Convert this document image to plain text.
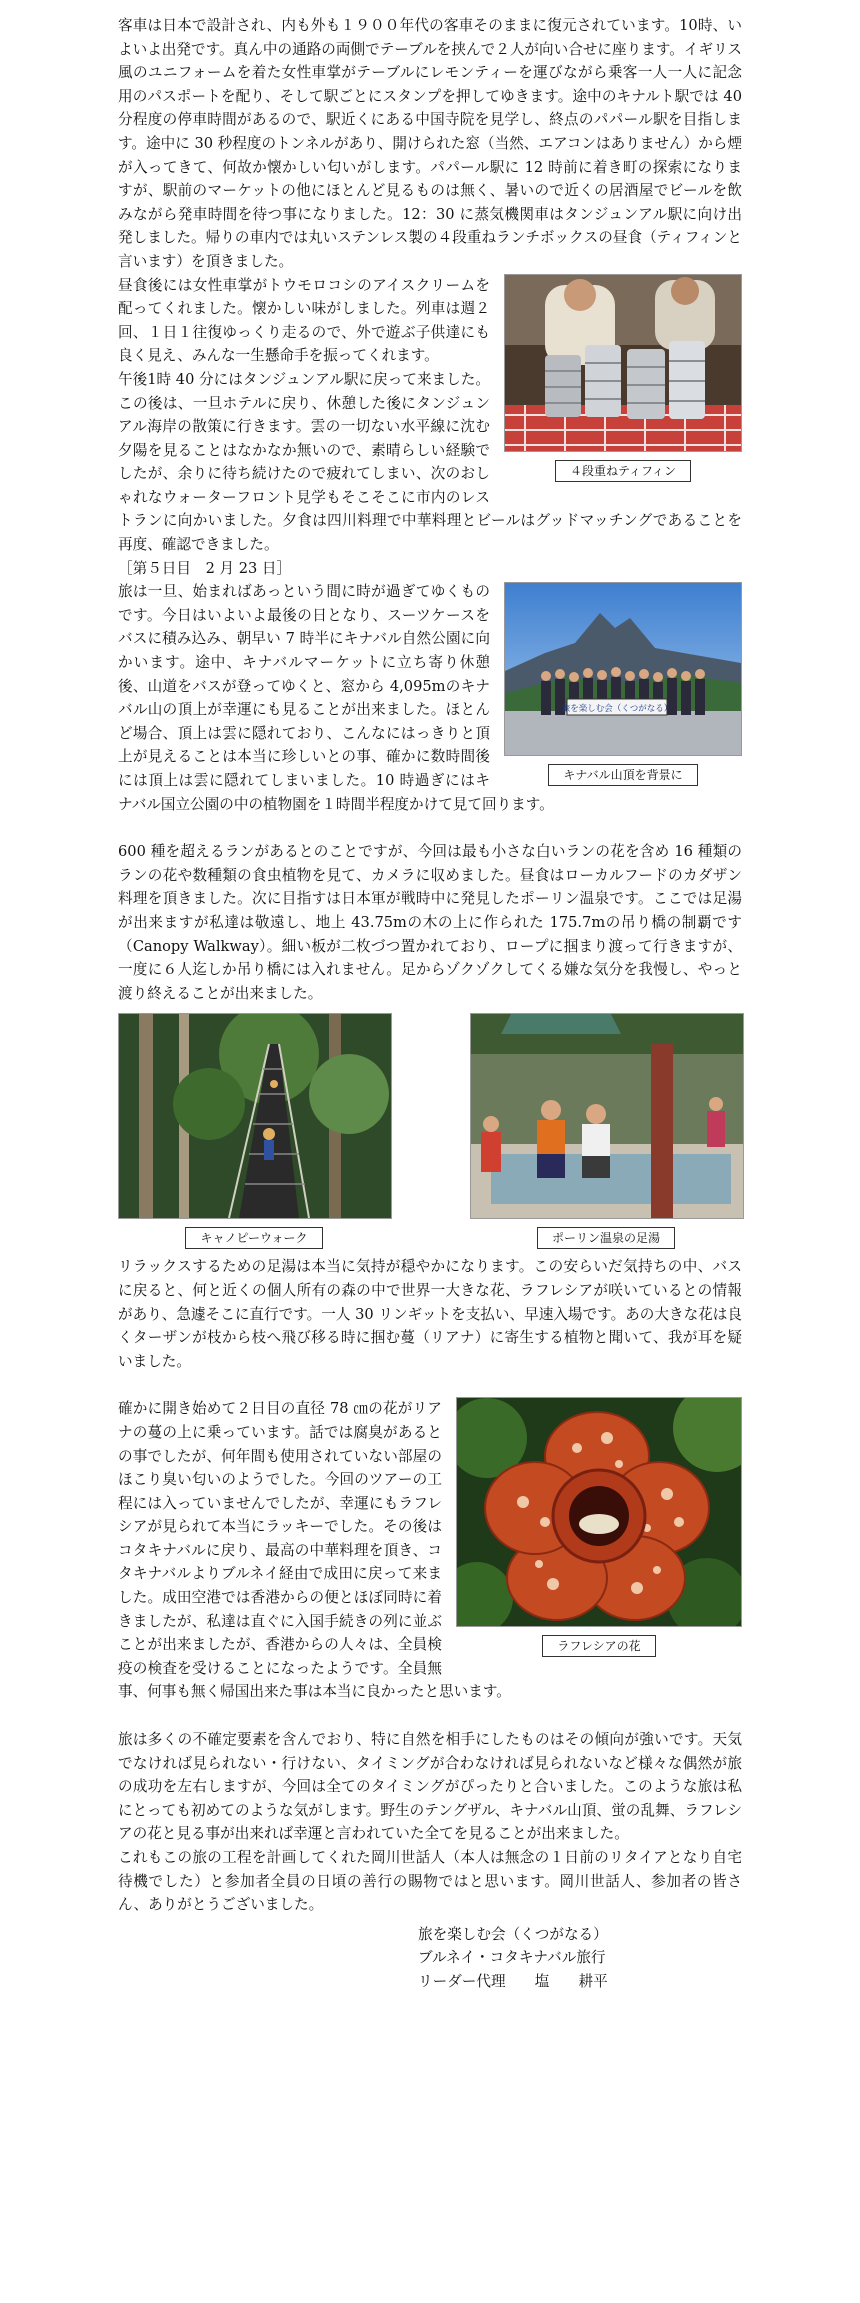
客車は日本で設計され、内も外も１９００年代の客車そのままに復元されています。10時、いよいよ出発です。真ん中の通路の両側でテーブルを挟んで２人が向い合せに座ります。イギリス風のユニフォームを着た女性車掌がテーブルにレモンティーを運びながら乗客一人一人に記念用のパスポートを配り、そして駅ごとにスタンプを押してゆきます。途中のキナルト駅では 40 分程度の停車時間があるので、駅近くにある中国寺院を見学し、終点のパパール駅を目指します。途中に 30 秒程度のトンネルがあり、開けられた窓（当然、エアコンはありません）から煙が入ってきて、何故か懐かしい匂いがします。パパール駅に 12 時前に着き町の探索になりますが、駅前のマーケットの他にほとんど見るものは無く、暑いので近くの居酒屋でビールを飲みながら発車時間を待つ事になりました。12：30 に蒸気機関車はタンジュンアル駅に向け出発しました。帰りの車内では丸いステンレス製の４段重ねランチボックスの昼食（ティフィンと言います）を頂きました。

４段重ねティフィン

昼食後には女性車掌がトウモロコシのアイスクリームを配ってくれました。懐かしい味がしました。列車は週２回、１日１往復ゆっくり走るので、外で遊ぶ子供達にも良く見え、みんな一生懸命手を振ってくれます。

午後1時 40 分にはタンジュンアル駅に戻って来ました。この後は、一旦ホテルに戻り、休憩した後にタンジュンアル海岸の散策に行きます。雲の一切ない水平線に沈む夕陽を見ることはなかなか無いので、素晴らしい経験でしたが、余りに待ち続けたので疲れてしまい、次のおしゃれなウォーターフロント見学もそこそこに市内のレストランに向かいました。夕食は四川料理で中華料理とビールはグッドマッチングであることを再度、確認できました。

［第５日目　2 月 23 日］

旅を楽しむ会（くつがなる）
キナバル山頂を背景に

旅は一旦、始まればあっという間に時が過ぎてゆくものです。今日はいよいよ最後の日となり、スーツケースをバスに積み込み、朝早い 7 時半にキナバル自然公園に向かいます。途中、キナバルマーケットに立ち寄り休憩後、山道をバスが登ってゆくと、窓から 4,095mのキナバル山の頂上が幸運にも見ることが出来ました。ほとんど場合、頂上は雲に隠れており、こんなにはっきりと頂上が見えることは本当に珍しいとの事、確かに数時間後には頂上は雲に隠れてしまいました。10 時過ぎにはキナバル国立公園の中の植物園を１時間半程度かけて見て回ります。

600 種を超えるランがあるとのことですが、今回は最も小さな白いランの花を含め 16 種類のランの花や数種類の食虫植物を見て、カメラに収めました。昼食はローカルフードのカダザン料理を頂きました。次に目指すは日本軍が戦時中に発見したポーリン温泉です。ここでは足湯が出来ますが私達は敬遠し、地上 43.75mの木の上に作られた 175.7mの吊り橋の制覇です（Canopy Walkway）。細い板が二枚づつ置かれており、ロープに掴まり渡って行きますが、一度に６人迄しか吊り橋には入れません。足からゾクゾクしてくる嫌な気分を我慢し、やっと渡り終えることが出来ました。

キャノピーウォーク	ポーリン温泉の足湯

リラックスするための足湯は本当に気持が穏やかになります。この安らいだ気持ちの中、バスに戻ると、何と近くの個人所有の森の中で世界一大きな花、ラフレシアが咲いているとの情報があり、急遽そこに直行です。一人 30 リンギットを支払い、早速入場です。あの大きな花は良くターザンが枝から枝へ飛び移る時に掴む蔓（リアナ）に寄生する植物と聞いて、我が耳を疑いました。

ラフレシアの花

確かに開き始めて２日目の直径 78 ㎝の花がリアナの蔓の上に乗っています。話では腐臭があるとの事でしたが、何年間も使用されていない部屋のほこり臭い匂いのようでした。今回のツアーの工程には入っていませんでしたが、幸運にもラフレシアが見られて本当にラッキーでした。その後はコタキナバルに戻り、最高の中華料理を頂き、コタキナバルよりブルネイ経由で成田に戻って来ました。成田空港では香港からの便とほぼ同時に着きましたが、私達は直ぐに入国手続きの列に並ぶことが出来ましたが、香港からの人々は、全員検疫の検査を受けることになったようです。全員無事、何事も無く帰国出来た事は本当に良かったと思います。

旅は多くの不確定要素を含んでおり、特に自然を相手にしたものはその傾向が強いです。天気でなければ見られない・行けない、タイミングが合わなければ見られないなど様々な偶然が旅の成功を左右しますが、今回は全てのタイミングがぴったりと合いました。このような旅は私にとっても初めてのような気がします。野生のテングザル、キナバル山頂、蛍の乱舞、ラフレシアの花と見る事が出来れば幸運と言われていた全てを見ることが出来ました。

これもこの旅の工程を計画してくれた岡川世話人（本人は無念の１日前のリタイアとなり自宅待機でした）と参加者全員の日頃の善行の賜物ではと思います。岡川世話人、参加者の皆さん、ありがとうございました。

旅を楽しむ会（くつがなる）
ブルネイ・コタキナバル旅行
リーダー代理　　塩　　耕平
